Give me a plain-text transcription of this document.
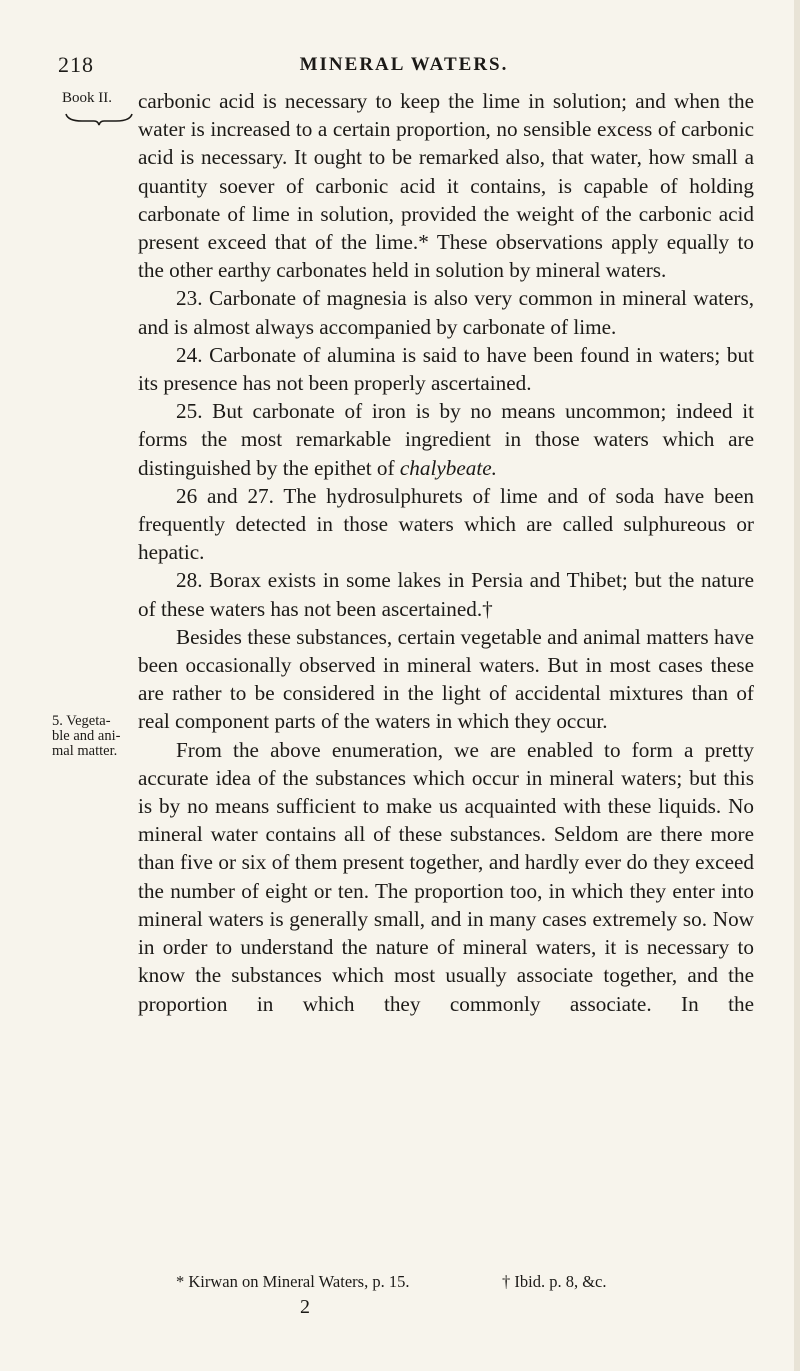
218	MINERAL WATERS.
Book II.
5. Vegeta-
ble and ani-
mal matter.

carbonic acid is necessary to keep the lime in solution; and when the water is increased to a certain proportion, no sensible excess of carbonic acid is necessary. It ought to be remarked also, that water, how small a quantity soever of carbonic acid it contains, is capable of holding carbonate of lime in solution, provided the weight of the carbonic acid present exceed that of the lime.* These observations apply equally to the other earthy carbonates held in solution by mineral waters.

23. Carbonate of magnesia is also very common in mineral waters, and is almost always accompanied by carbonate of lime.

24. Carbonate of alumina is said to have been found in waters; but its presence has not been properly ascertained.

25. But carbonate of iron is by no means uncommon; indeed it forms the most remarkable ingredient in those waters which are distinguished by the epithet of chalybeate.

26 and 27. The hydrosulphurets of lime and of soda have been frequently detected in those waters which are called sulphureous or hepatic.

28. Borax exists in some lakes in Persia and Thibet; but the nature of these waters has not been ascertained.†

Besides these substances, certain vegetable and animal matters have been occasionally observed in mineral waters. But in most cases these are rather to be considered in the light of accidental mixtures than of real component parts of the waters in which they occur.

From the above enumeration, we are enabled to form a pretty accurate idea of the substances which occur in mineral waters; but this is by no means sufficient to make us acquainted with these liquids. No mineral water contains all of these substances. Seldom are there more than five or six of them present together, and hardly ever do they exceed the number of eight or ten. The proportion too, in which they enter into mineral waters is generally small, and in many cases extremely so. Now in order to understand the nature of mineral waters, it is necessary to know the substances which most usually associate together, and the proportion in which they commonly associate. In the

* Kirwan on Mineral Waters, p. 15.	† Ibid. p. 8, &c.
2
